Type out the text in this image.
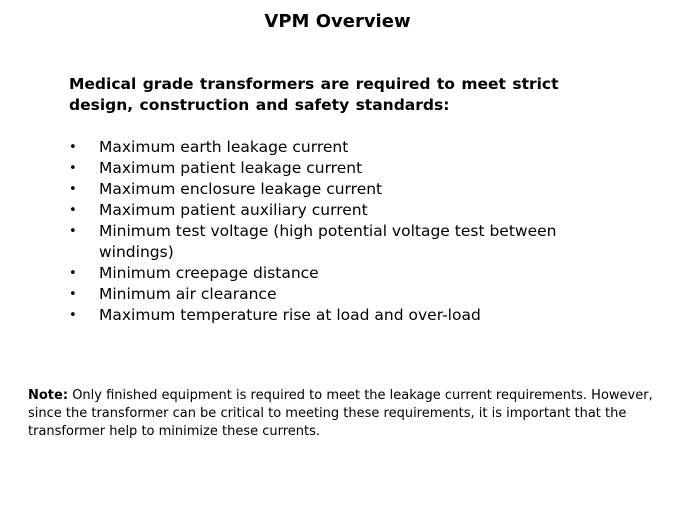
VPM Overview
Medical grade transformers are required to meet strict design, construction and safety standards:
• Maximum earth leakage current
• Maximum patient leakage current
• Maximum enclosure leakage current
• Maximum patient auxiliary current
• Minimum test voltage (high potential voltage test between windings)
• Minimum creepage distance
• Minimum air clearance
• Maximum temperature rise at load and over-load
Note: Only finished equipment is required to meet the leakage current requirements. However, since the transformer can be critical to meeting these requirements, it is important that the transformer help to minimize these currents.
